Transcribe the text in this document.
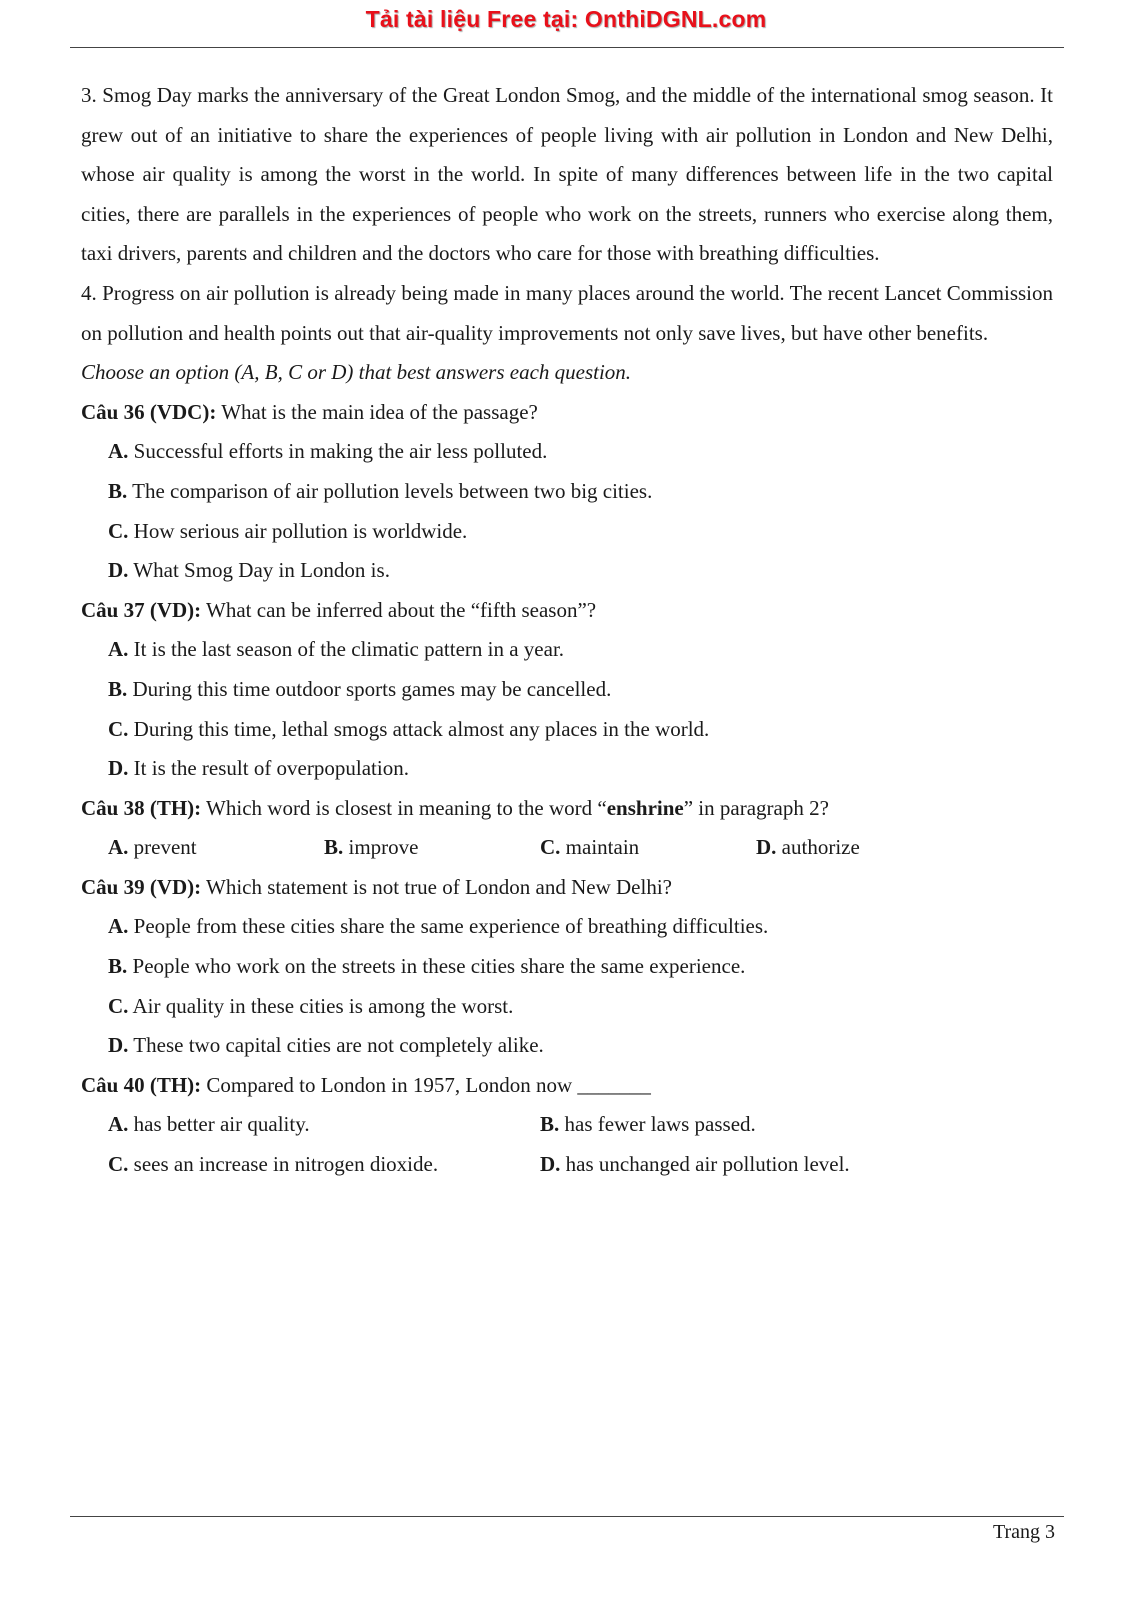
Tải tài liệu Free tại: OnthiDGNL.com

3. Smog Day marks the anniversary of the Great London Smog, and the middle of the international smog season. It grew out of an initiative to share the experiences of people living with air pollution in London and New Delhi, whose air quality is among the worst in the world. In spite of many differences between life in the two capital cities, there are parallels in the experiences of people who work on the streets, runners who exercise along them, taxi drivers, parents and children and the doctors who care for those with breathing difficulties.

4. Progress on air pollution is already being made in many places around the world. The recent Lancet Commission on pollution and health points out that air-quality improvements not only save lives, but have other benefits.

Choose an option (A, B, C or D) that best answers each question.

Câu 36 (VDC): What is the main idea of the passage?

A. Successful efforts in making the air less polluted.

B. The comparison of air pollution levels between two big cities.

C. How serious air pollution is worldwide.

D. What Smog Day in London is.

Câu 37 (VD): What can be inferred about the “fifth season”?

A. It is the last season of the climatic pattern in a year.

B. During this time outdoor sports games may be cancelled.

C. During this time, lethal smogs attack almost any places in the world.

D. It is the result of overpopulation.

Câu 38 (TH): Which word is closest in meaning to the word “enshrine” in paragraph 2?

A. prevent	B. improve	C. maintain	D. authorize

Câu 39 (VD): Which statement is not true of London and New Delhi?

A. People from these cities share the same experience of breathing difficulties.

B. People who work on the streets in these cities share the same experience.

C. Air quality in these cities is among the worst.

D. These two capital cities are not completely alike.

Câu 40 (TH): Compared to London in 1957, London now _______

A. has better air quality.	B. has fewer laws passed.
C. sees an increase in nitrogen dioxide.	D. has unchanged air pollution level.
Trang 3
